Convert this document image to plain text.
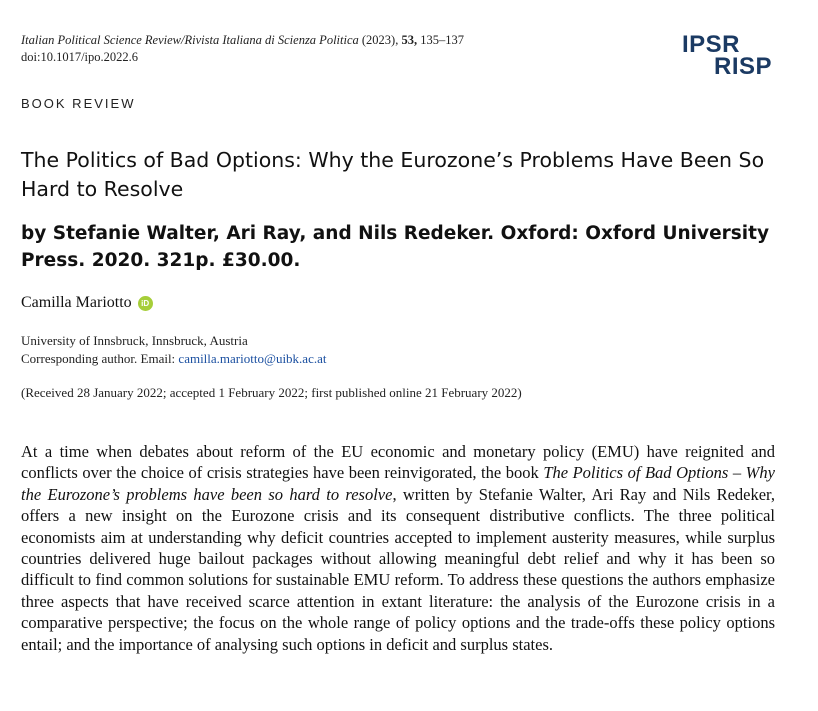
Italian Political Science Review/Rivista Italiana di Scienza Politica (2023), 53, 135–137
doi:10.1017/ipo.2022.6	IPSR
RISP
BOOK REVIEW
The Politics of Bad Options: Why the Eurozone’s Problems Have Been So Hard to Resolve
by Stefanie Walter, Ari Ray, and Nils Redeker. Oxford: Oxford University Press. 2020. 321p. £30.00.
Camilla Mariotto iD
University of Innsbruck, Innsbruck, Austria
Corresponding author. Email: camilla.mariotto@uibk.ac.at
(Received 28 January 2022; accepted 1 February 2022; first published online 21 February 2022)

At a time when debates about reform of the EU economic and monetary policy (EMU) have reignited and conflicts over the choice of crisis strategies have been reinvigorated, the book The Politics of Bad Options – Why the Eurozone’s problems have been so hard to resolve, written by Stefanie Walter, Ari Ray and Nils Redeker, offers a new insight on the Eurozone crisis and its consequent distributive conflicts. The three political economists aim at understanding why deficit countries accepted to implement austerity measures, while surplus countries delivered huge bailout packages without allowing meaningful debt relief and why it has been so difficult to find common solutions for sustainable EMU reform. To address these questions the authors emphasize three aspects that have received scarce attention in extant literature: the analysis of the Eurozone crisis in a comparative perspective; the focus on the whole range of policy options and the trade-offs these policy options entail; and the importance of analysing such options in deficit and surplus states.
